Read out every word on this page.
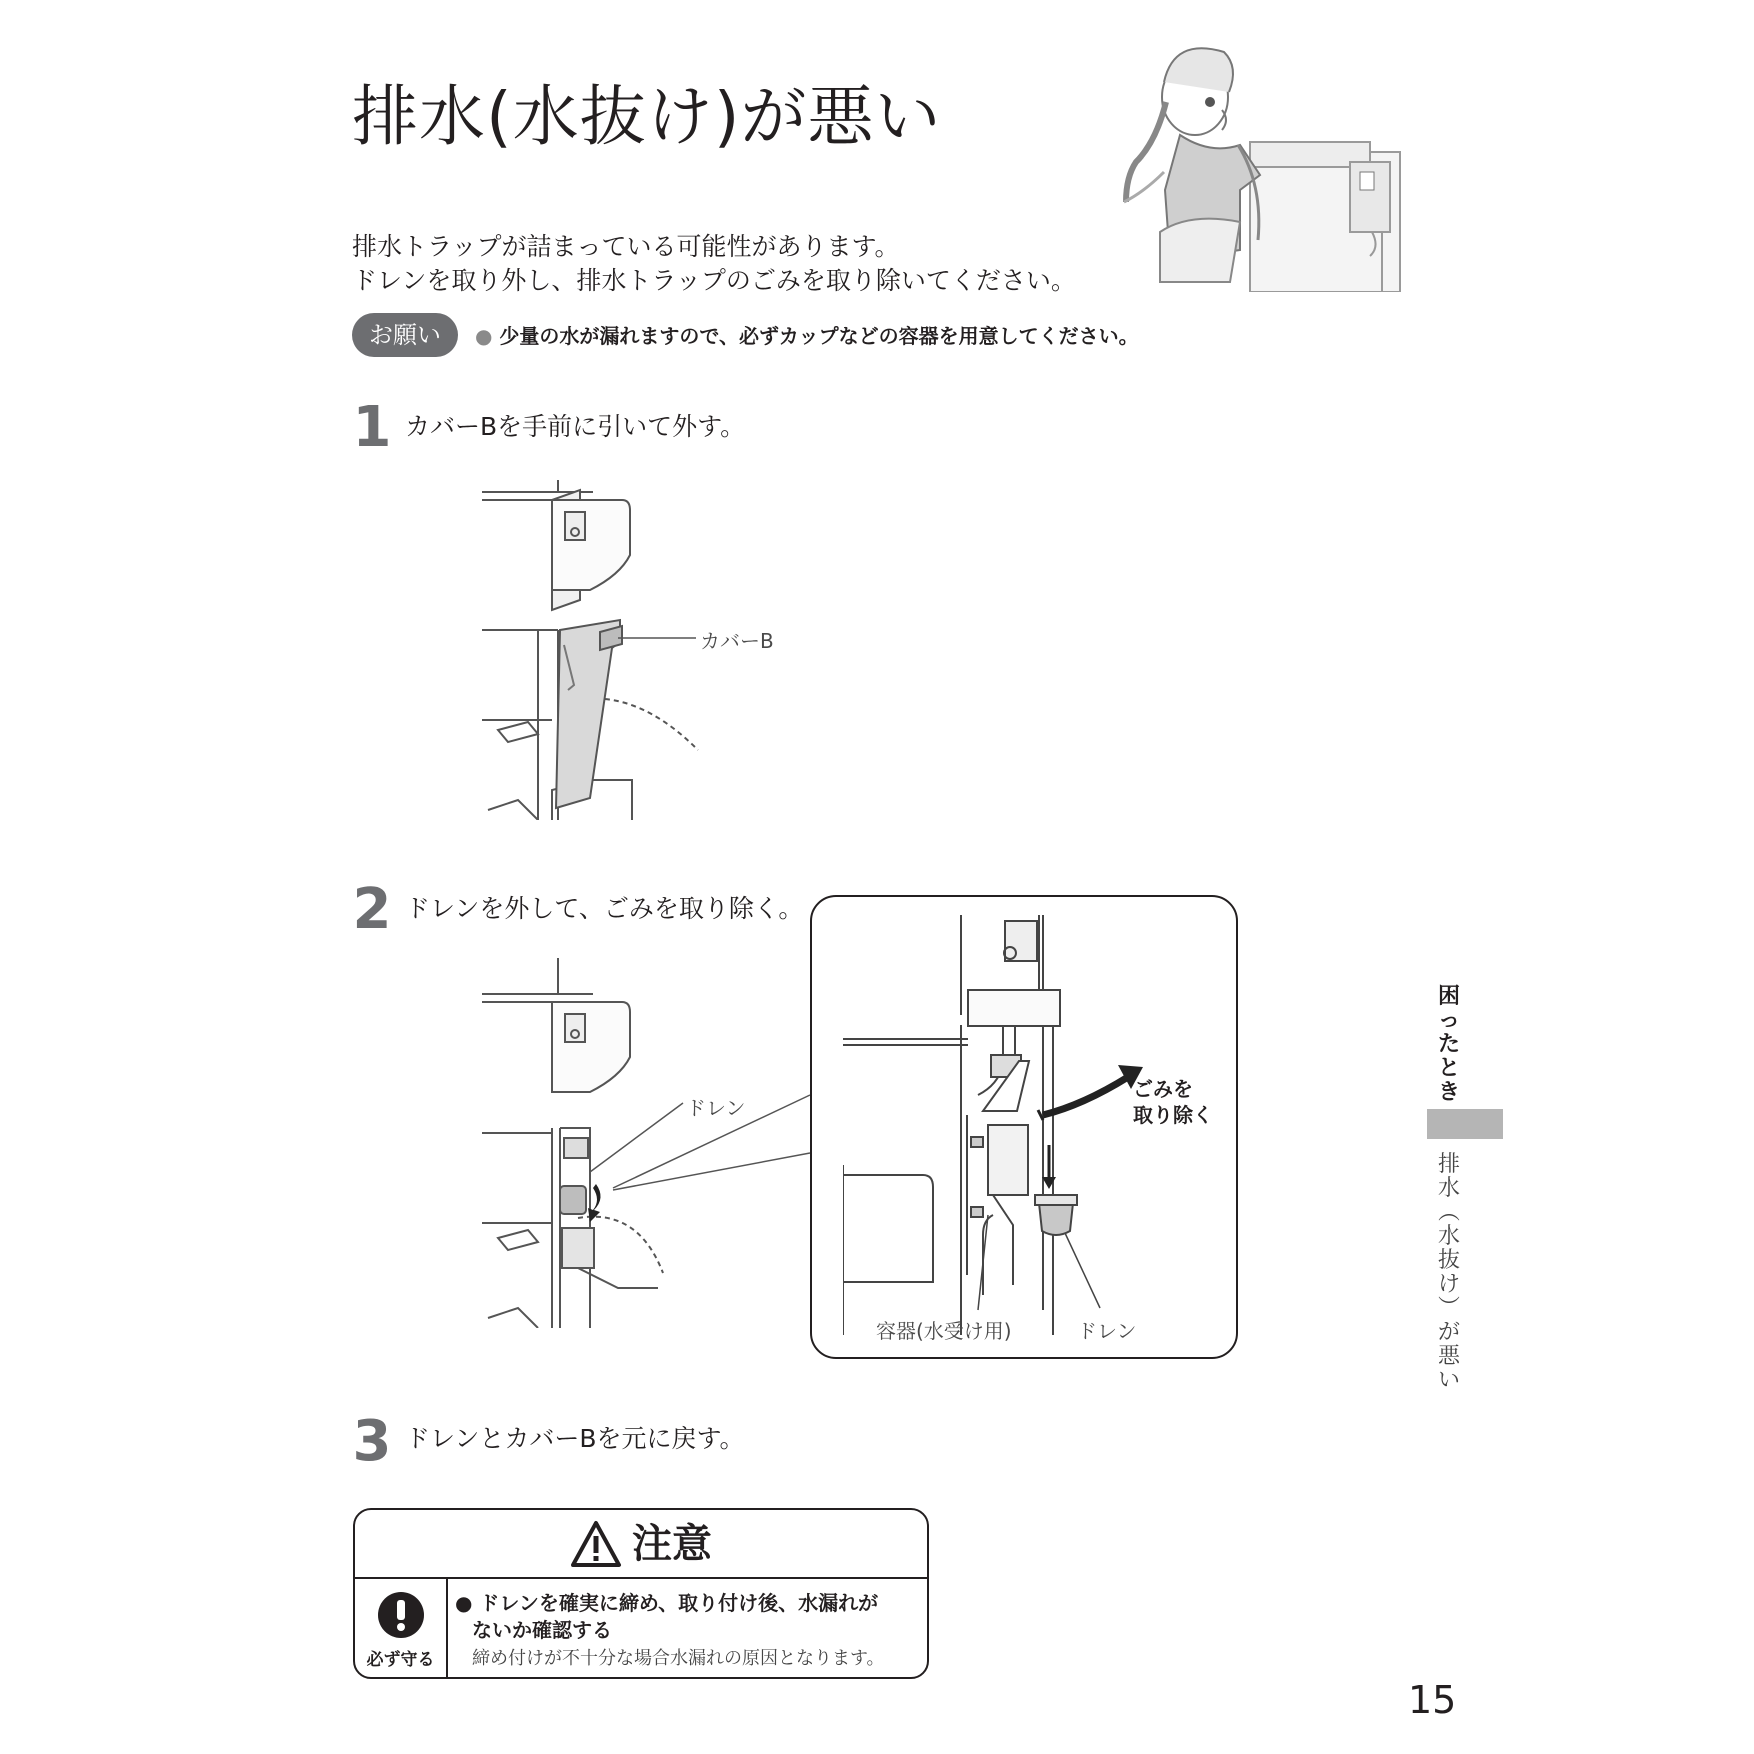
排水(水抜け)が悪い
排水トラップが詰まっている可能性があります。
ドレンを取り外し、排水トラップのごみを取り除いてください。
お願い	● 少量の水が漏れますので、必ずカップなどの容器を用意してください。
1 カバーBを手前に引いて外す。
カバーB
2 ドレンを外して、ごみを取り除く。
ドレン
ごみを
取り除く
容器(水受け用)	ドレン
3 ドレンとカバーBを元に戻す。
注意
必ず守る
● ドレンを確実に締め、取り付け後、水漏れが
ないか確認する
締め付けが不十分な場合水漏れの原因となります。
困
っ
た
と
き
排
水
︵
水
抜
け
︶
が
悪
い
15
